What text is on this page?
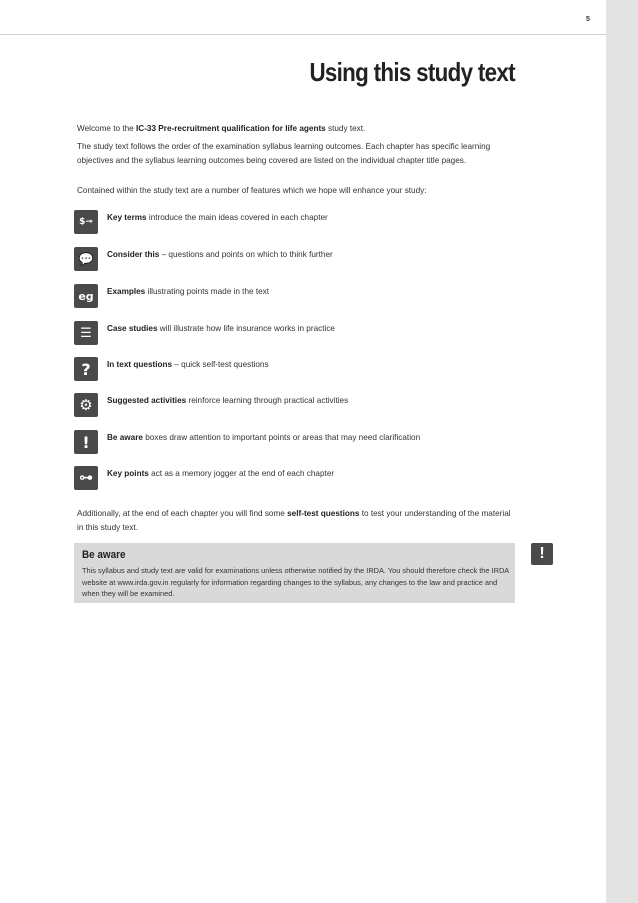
5
Using this study text

Welcome to the IC-33 Pre-recruitment qualification for life agents study text.

The study text follows the order of the examination syllabus learning outcomes. Each chapter has specific learning objectives and the syllabus learning outcomes being covered are listed on the individual chapter title pages.

Contained within the study text are a number of features which we hope will enhance your study:

$⊸	Key terms introduce the main ideas covered in each chapter
💬	Consider this – questions and points on which to think further
eg	Examples illustrating points made in the text
☰	Case studies will illustrate how life insurance works in practice
?	In text questions – quick self-test questions
⚙	Suggested activities reinforce learning through practical activities
!	Be aware boxes draw attention to important points or areas that may need clarification
⊶	Key points act as a memory jogger at the end of each chapter

Additionally, at the end of each chapter you will find some self-test questions to test your understanding of the material in this study text.

Be aware
This syllabus and study text are valid for examinations unless otherwise notified by the IRDA. You should therefore check the IRDA website at www.irda.gov.in regularly for information regarding changes to the syllabus, any changes to the law and practice and when they will be examined.
!
